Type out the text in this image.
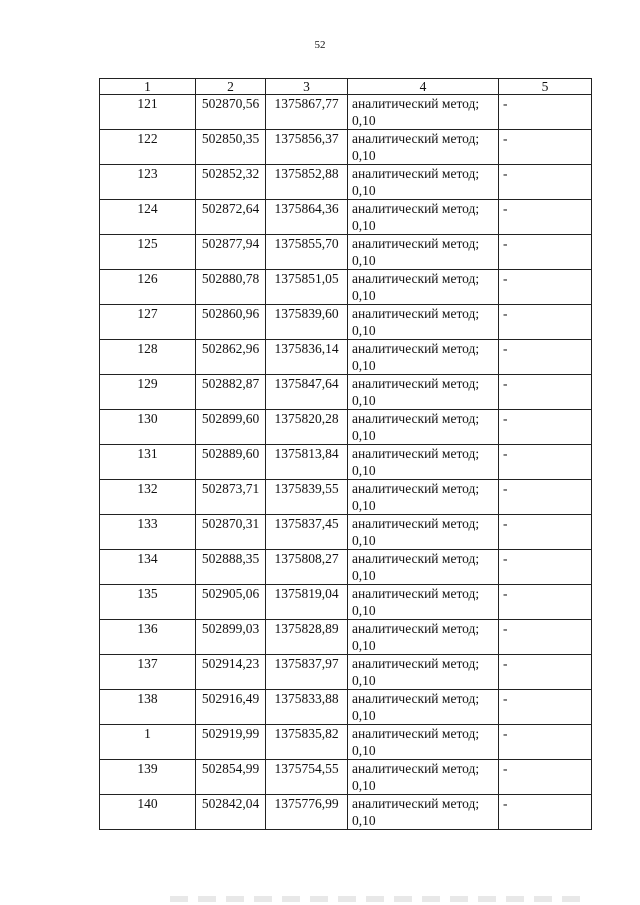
52
1	2	3	4	5
121	502870,56	1375867,77	аналитический метод; 0,10	-
122	502850,35	1375856,37	аналитический метод; 0,10	-
123	502852,32	1375852,88	аналитический метод; 0,10	-
124	502872,64	1375864,36	аналитический метод; 0,10	-
125	502877,94	1375855,70	аналитический метод; 0,10	-
126	502880,78	1375851,05	аналитический метод; 0,10	-
127	502860,96	1375839,60	аналитический метод; 0,10	-
128	502862,96	1375836,14	аналитический метод; 0,10	-
129	502882,87	1375847,64	аналитический метод; 0,10	-
130	502899,60	1375820,28	аналитический метод; 0,10	-
131	502889,60	1375813,84	аналитический метод; 0,10	-
132	502873,71	1375839,55	аналитический метод; 0,10	-
133	502870,31	1375837,45	аналитический метод; 0,10	-
134	502888,35	1375808,27	аналитический метод; 0,10	-
135	502905,06	1375819,04	аналитический метод; 0,10	-
136	502899,03	1375828,89	аналитический метод; 0,10	-
137	502914,23	1375837,97	аналитический метод; 0,10	-
138	502916,49	1375833,88	аналитический метод; 0,10	-
1	502919,99	1375835,82	аналитический метод; 0,10	-
139	502854,99	1375754,55	аналитический метод; 0,10	-
140	502842,04	1375776,99	аналитический метод; 0,10	-
